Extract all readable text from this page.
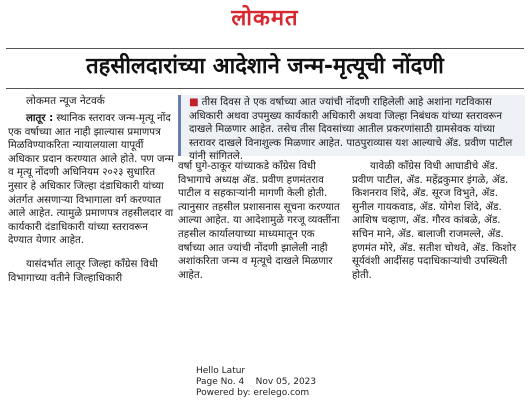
लोकमत
तहसीलदारांच्या आदेशाने जन्म-मृत्यूची नोंदणी
लोकमत न्यूज नेटवर्क	■ तीस दिवस ते एक वर्षाच्या आत ज्यांची नोंदणी राहिलेली आहे अशांना गटविकास अधिकारी अथवा उपमुख्य कार्यकारी अधिकारी अथवा जिल्हा निबंधक यांच्या स्तरावरून दाखले मिळणार आहेत. तसेच तीस दिवसांच्या आतील प्रकरणांसाठी ग्रामसेवक यांच्या स्तरावर दाखले विनाशुल्क मिळणार आहेत. पाठपुराव्यास यश आल्याचे ॲड. प्रवीण पाटील यांनी सांगितले.

लातूर : स्थानिक स्तरावर जन्म-मृत्यू नोंद एक वर्षाच्या आत नाही झाल्यास प्रमाणपत्र मिळविण्याकरिता न्यायालयाला यापूर्वी अधिकार प्रदान करण्यात आले होते. पण जन्म व मृत्यू नोंदणी अधिनियम २०२३ सुधारित नुसार हे अधिकार जिल्हा दंडाधिकारी यांच्या अंतर्गत असणाऱ्या विभागाला वर्ग करण्यात आले आहेत. त्यामुळे प्रमाणपत्र तहसीलदार वा कार्यकारी दंडाधिकारी यांच्या स्तरावरून देण्यात येणार आहेत.

यासंदर्भात लातूर जिल्हा काँग्रेस विधी विभागाच्या वतीने जिल्हाधिकारी

वर्षा घुगे-ठाकूर यांच्याकडे काँग्रेस विधी विभागाचे अध्यक्ष ॲड. प्रवीण हणमंतराव पाटील व सहकाऱ्यांनी मागणी केली होती. त्यानुसार तहसील प्रशासनास सूचना करण्यात आल्या आहेत. या आदेशामुळे गरजू व्यक्तींना तहसील कार्यालयाच्या माध्यमातून एक वर्षाच्या आत ज्यांची नोंदणी झालेली नाही अशांकरिता जन्म व मृत्यूचे दाखले मिळणार आहेत.

यावेळी काँग्रेस विधी आघाडीचे ॲड. प्रवीण पाटील, ॲड. महेंद्रकुमार इंगळे, ॲड. किशनराव शिंदे, ॲड. सूरज विभुते, ॲड. सुनील गायकवाड, ॲड. योगेश शिंदे, ॲड. आशिष चव्हाण, ॲड. गौरव कांबळे, ॲड. सचिन माने, ॲड. बालाजी राजमल्ले, ॲड. हणमंत मोरे, ॲड. सतीश चोथवे, ॲड. किशोर सूर्यवंशी आदींसह पदाधिकाऱ्यांची उपस्थिती होती.

Hello Latur
Page No. 4    Nov 05, 2023
Powered by: erelego.com
